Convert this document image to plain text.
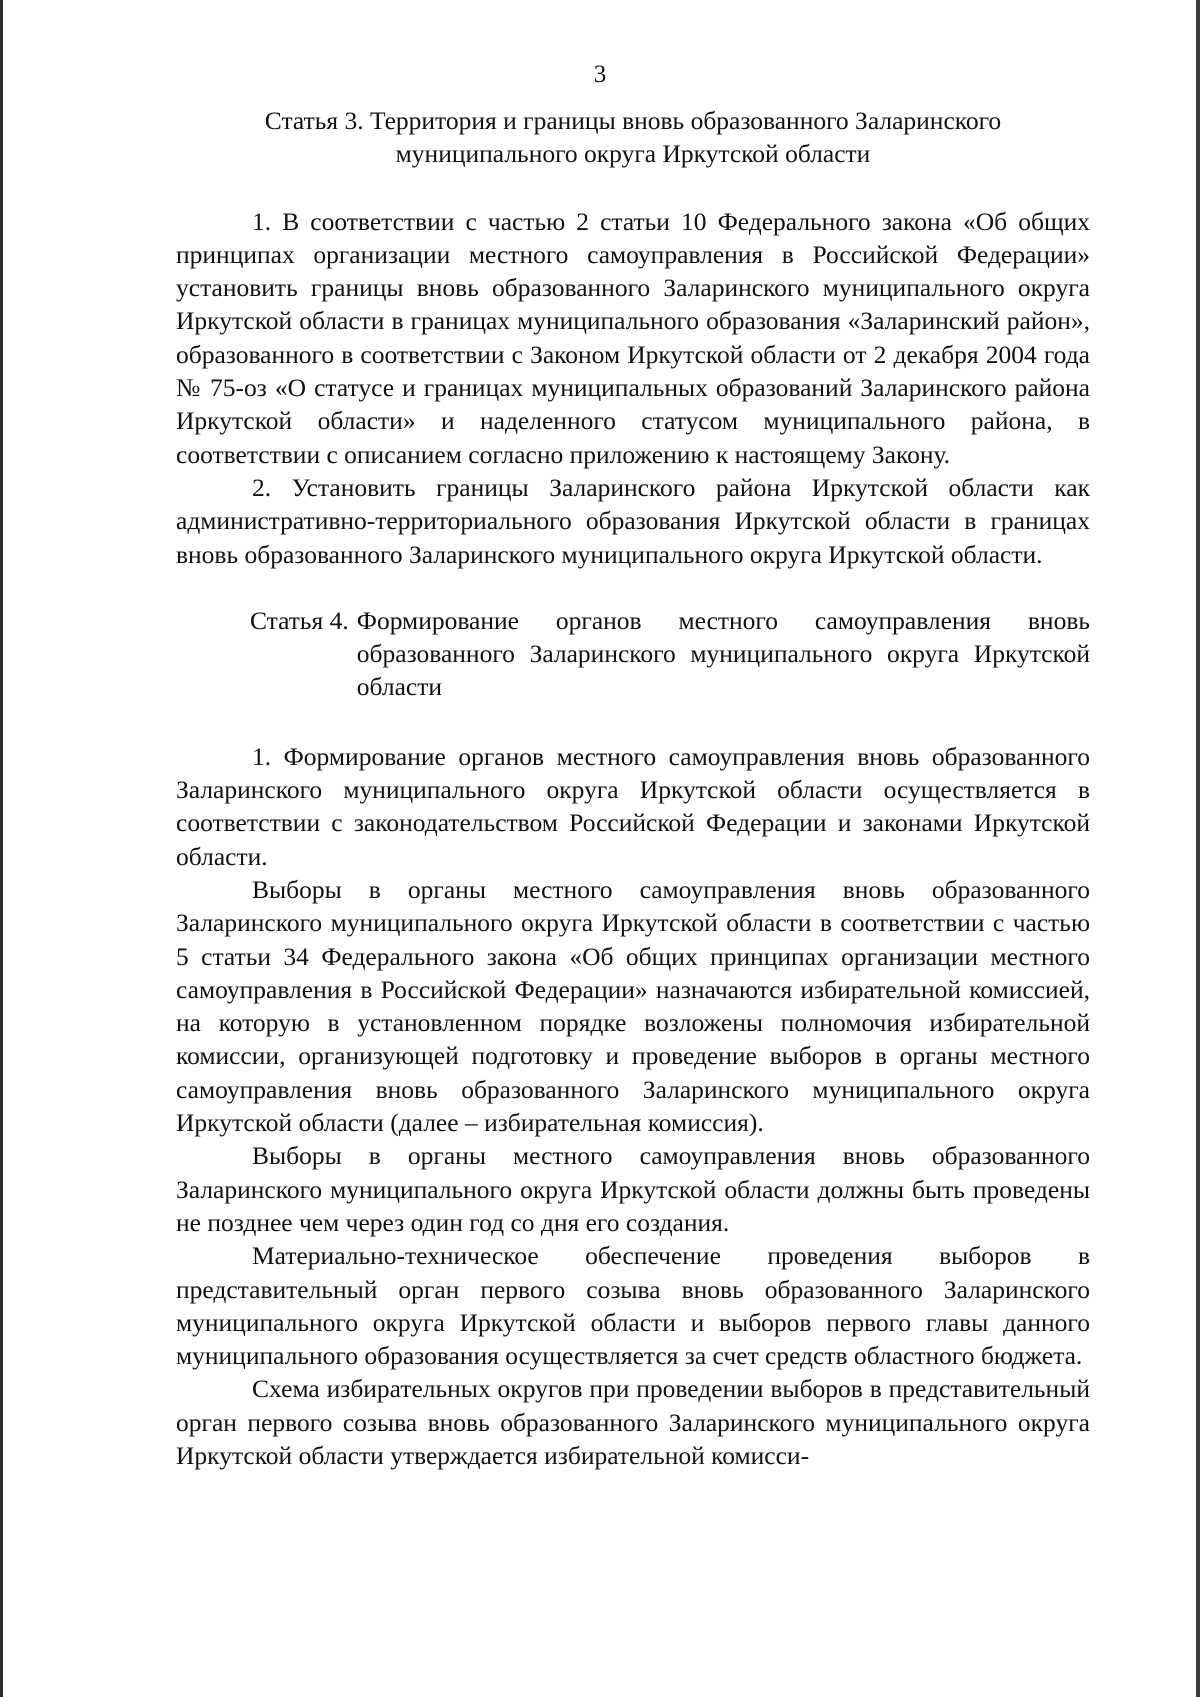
3
Статья 3. Территория и границы вновь образованного Заларинского
муниципального округа Иркутской области

1. В соответствии с частью 2 статьи 10 Федерального закона «Об общих принципах организации местного самоуправления в Российской Федерации» установить границы вновь образованного Заларинского муниципального округа Иркутской области в границах муниципального образования «Заларинский район», образованного в соответствии с Законом Иркутской области от 2 декабря 2004 года № 75-оз «О статусе и границах муниципальных образований Заларинского района Иркутской области» и наделенного статусом муниципального района, в соответствии с описанием согласно приложению к настоящему Закону.

2. Установить границы Заларинского района Иркутской области как административно-территориального образования Иркутской области в границах вновь образованного Заларинского муниципального округа Иркутской области.

Статья 4. Формирование органов местного самоуправления вновь образованного Заларинского муниципального округа Иркутской области

1. Формирование органов местного самоуправления вновь образованного Заларинского муниципального округа Иркутской области осуществляется в соответствии с законодательством Российской Федерации и законами Иркутской области.

Выборы в органы местного самоуправления вновь образованного Заларинского муниципального округа Иркутской области в соответствии с частью 5 статьи 34 Федерального закона «Об общих принципах организации местного самоуправления в Российской Федерации» назначаются избирательной комиссией, на которую в установленном порядке возложены полномочия избирательной комиссии, организующей подготовку и проведение выборов в органы местного самоуправления вновь образованного Заларинского муниципального округа Иркутской области (далее – избирательная комиссия).

Выборы в органы местного самоуправления вновь образованного Заларинского муниципального округа Иркутской области должны быть проведены не позднее чем через один год со дня его создания.

Материально-техническое обеспечение проведения выборов в представительный орган первого созыва вновь образованного Заларинского муниципального округа Иркутской области и выборов первого главы данного муниципального образования осуществляется за счет средств областного бюджета.

Схема избирательных округов при проведении выборов в представительный орган первого созыва вновь образованного Заларинского муниципального округа Иркутской области утверждается избирательной комисси-
